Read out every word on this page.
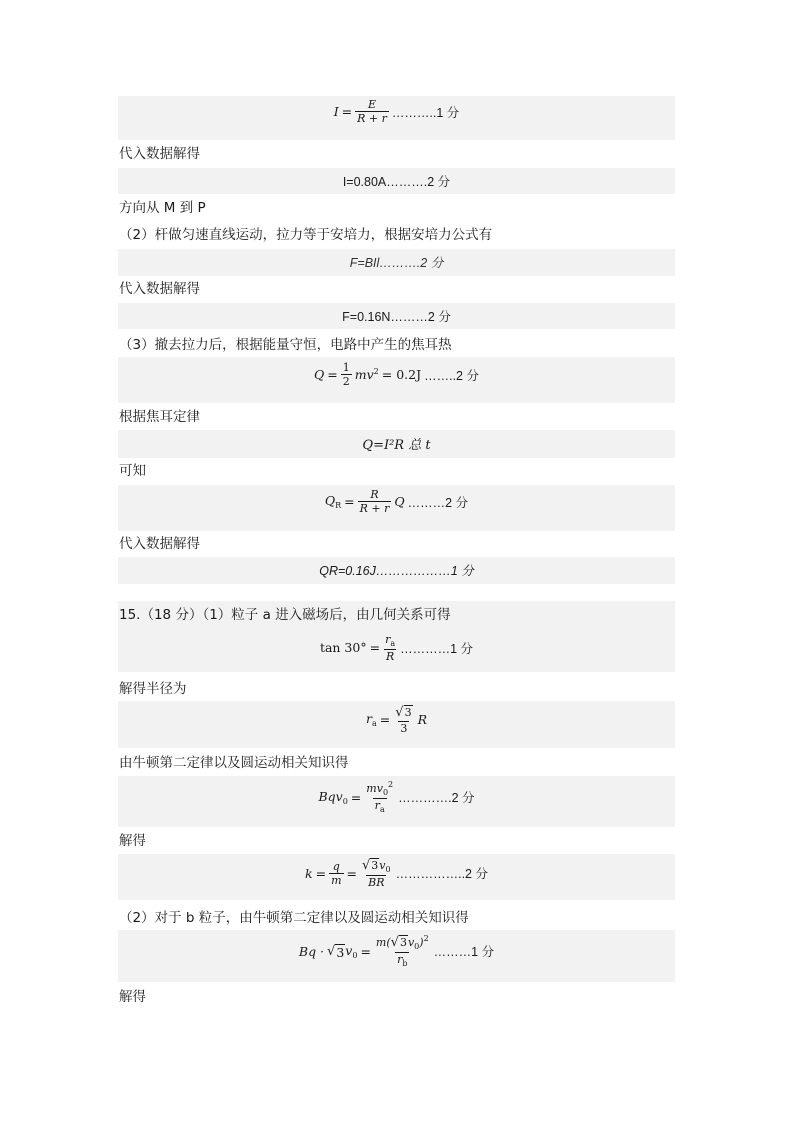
$I = \frac{E}{R + r}$ ………..1 分
代入数据解得
I=0.80A……….2 分
方向从 M 到 P
（2）杆做匀速直线运动，拉力等于安培力，根据安培力公式有
F=BIl……….2 分
代入数据解得
F=0.16N………2 分
（3）撤去拉力后，根据能量守恒，电路中产生的焦耳热
$Q = \frac{1}{2} mv^2 = 0.2J$ ……..2 分
根据焦耳定律
Q=I²R 总 t
可知
$Q_R = \frac{R}{R + r}$ Q ………2 分
代入数据解得
QR=0.16J………………1 分
15.（18 分）（1）粒子 a 进入磁场后，由几何关系可得
$\tan 30^\circ = \frac{r_a}{R}$ …………1 分
解得半径为
$r_a = \frac{√ 3}{3}$ R
由牛顿第二定律以及圆运动相关知识得
$Bqv_0 = \frac{mv_0^2}{r_a}$ ………….2 分
解得
$k = \frac{q}{m} = \frac{√ 3 v_0}{BR}$ ……………..2 分
（2）对于 b 粒子，由牛顿第二定律以及圆运动相关知识得
Bq · √ 3 $v_0 = \frac{m( √ 3 v_0)^2}{r_b}$ ………1 分
解得
